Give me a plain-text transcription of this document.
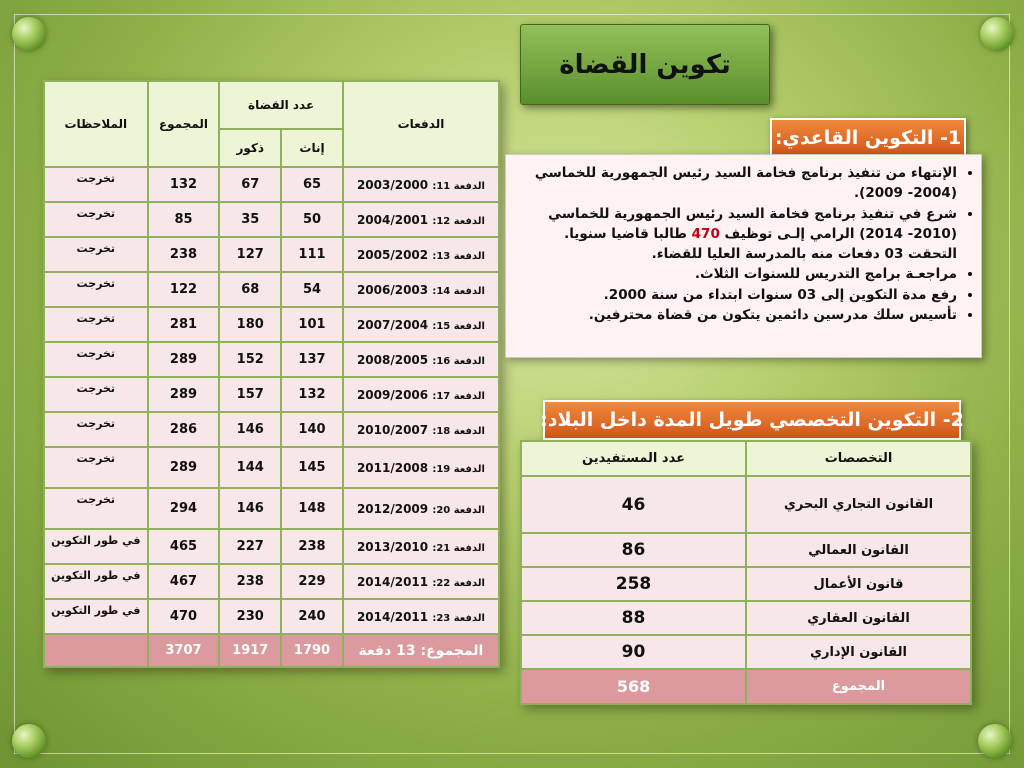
تكوين القضاة
الدفعات	عدد القضاة		المجموع	الملاحظات
	إناث	ذكور		
الدفعة 11: 2003/2000	65	67	132	تخرجت
الدفعة 12: 2004/2001	50	35	85	تخرجت
الدفعة 13: 2005/2002	111	127	238	تخرجت
الدفعة 14: 2006/2003	54	68	122	تخرجت
الدفعة 15: 2007/2004	101	180	281	تخرجت
الدفعة 16: 2008/2005	137	152	289	تخرجت
الدفعة 17: 2009/2006	132	157	289	تخرجت
الدفعة 18: 2010/2007	140	146	286	تخرجت
الدفعة 19: 2011/2008	145	144	289	تخرجت
الدفعة 20: 2012/2009	148	146	294	تخرجت
الدفعة 21: 2013/2010	238	227	465	في طور التكوين
الدفعة 22: 2014/2011	229	238	467	في طور التكوين
الدفعة 23: 2014/2011	240	230	470	في طور التكوين
المجموع: 13 دفعة	1790	1917	3707	
1- التكوين القاعدي:
• الإنتهاء من تنفيذ برنامج فخامة السيد رئيس الجمهورية للخماسي (2004- 2009).
• شرع في تنفيذ برنامج فخامة السيد رئيس الجمهورية للخماسي (2010- 2014) الرامي إلـى توظيف 470 طالبا قاضيا سنويا.
التحقت 03 دفعات منه بالمدرسة العليا للقضاء.
• مراجعـة برامج التدريس للسنوات الثلاث.
• رفع مدة التكوين إلى 03 سنوات ابتداء من سنة 2000.
• تأسيس سلك مدرسين دائمين يتكون من قضاة محترفين.
2- التكوين التخصصي طويل المدة داخل البلاد:
التخصصات	عدد المستفيدين
القانون التجاري البحري	46
القانون العمالي	86
قانون الأعمال	258
القانون العقاري	88
القانون الإداري	90
المجموع	568
